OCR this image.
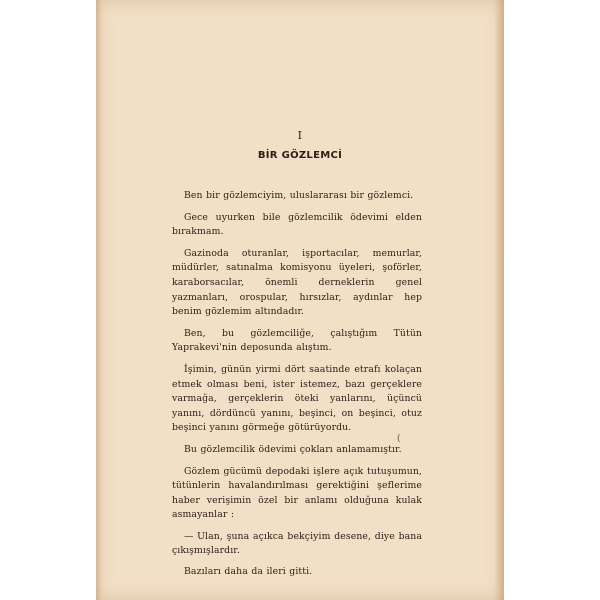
I
BİR GÖZLEMCİ

Ben bir gözlemciyim, uluslararası bir gözlemci.

Gece uyurken bile gözlemcilik ödevimi elden bırakmam.

Gazinoda oturanlar, işportacılar, memurlar, müdürler, satınalma komisyonu üyeleri, şoförler, karaborsacılar, önemli derneklerin genel yazmanları, orospular, hırsızlar, aydınlar hep benim gözlemim altındadır.

Ben, bu gözlemciliğe, çalıştığım Tütün Yaprakevi'nin deposunda alıştım.

İşimin, günün yirmi dört saatinde etrafı kolaçan etmek olması beni, ister istemez, bazı gerçeklere varmağa, gerçeklerin öteki yanlarını, üçüncü yanını, dördüncü yanını, beşinci, on beşinci, otuz beşinci yanını görmeğe götürüyordu.

Bu gözlemcilik ödevimi çokları anlamamıştır.

Gözlem gücümü depodaki işlere açık tutuşumun, tütünlerin havalandırılması gerektiğini şeflerime haber verişimin özel bir anlamı olduğuna kulak asmayanlar :

— Ulan, şuna açıkca bekçiyim desene, diye bana çıkışmışlardır.

Bazıları daha da ileri gitti.

(
